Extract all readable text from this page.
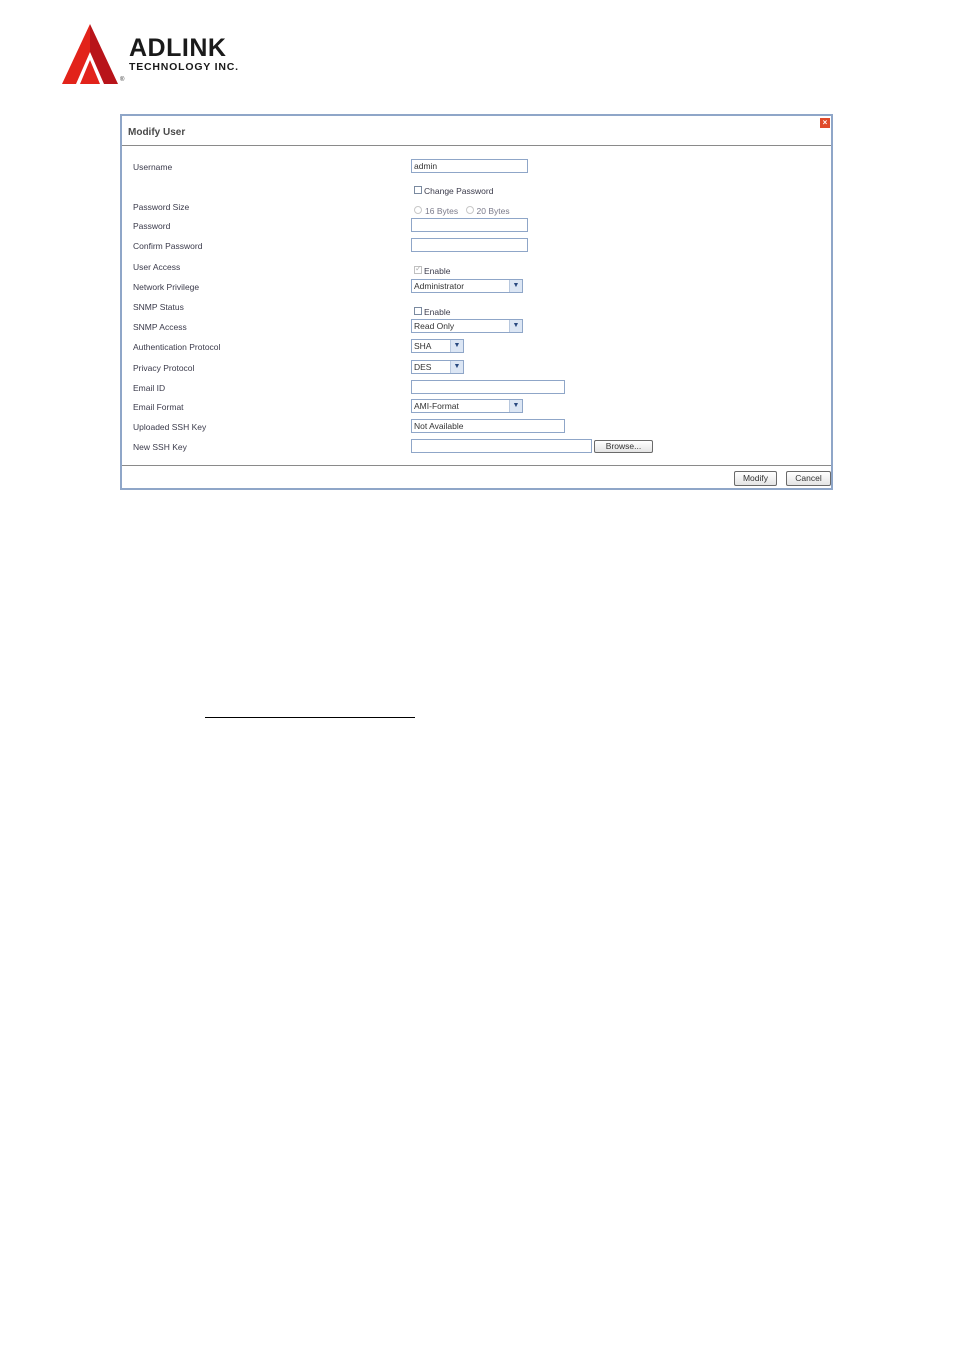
ADLINK
TECHNOLOGY INC.
®
Modify User
×
Username	admin
Change Password
Password Size	16 Bytes 20 Bytes
Password
Confirm Password
User Access
✓	Enable
Network Privilege	Administrator	▼
SNMP Status	Enable
SNMP Access	Read Only	▼
Authentication Protocol	SHA	▼
Privacy Protocol	DES	▼
Email ID
Email Format	AMI-Format	▼
Uploaded SSH Key	Not Available
New SSH Key	Browse...
Modify	Cancel
